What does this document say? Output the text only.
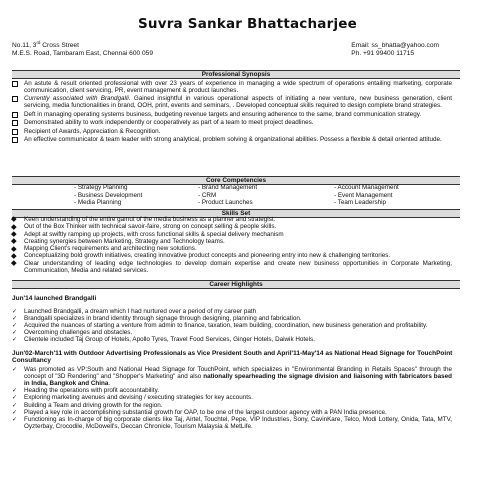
Suvra Sankar Bhattacharjee
No.11, 3rd Cross Street
M.E.S. Road, Tambaram East, Chennai 600 059
Email: ss_bhatta@yahoo.com
Ph. +91 99400 11715
Professional Synopsis
An astute & result oriented professional with over 23 years of experience in managing a wide spectrum of operations entailing marketing, corporate communication, client servicing, PR, event management & product launches.
Currently associated with Brandgalli. Gained insightful in various operational aspects of initiating a new venture, new business generation, client servicing, media functionalities in brand, OOH, print, events and seminars, . Developed conceptual skills required to design complete brand strategies.
Deft in managing operating systems business, budgeting revenue targets and ensuring adherence to the same, brand communication strategy.
Demonstrated ability to work independently or cooperatively as part of a team to meet project deadlines.
Recipient of Awards, Appreciation & Recognition.
An effective communicator & team leader with strong analytical, problem solving & organizational abilities. Possess a flexible & detail oriented attitude.
Core Competencies
- Strategy Planning
- Business Development
- Media Planning
- Brand Management
- CRM
- Product Launches
- Account Management
- Event Management
- Team Leadership
Skills Set
Keen understanding of the entire gamut of the media business as a planner and strategist.
Out of the Box Thinker with technical savoir-faire, strong on concept selling & people skills.
Adept at swiftly ramping up projects, with cross functional skills & special delivery mechanism
Creating synergies between Marketing, Strategy and Technology teams.
Mapping Client's requirements and architecting new solutions.
Conceptualizing bold growth initiatives, creating innovative product concepts and pioneering entry into new & challenging territories.
Clear understanding of leading edge technologies to develop domain expertise and create new business opportunities in Corporate Marketing, Communication, Media and related services.
Career Highlights
Jun'14 launched Brandgalli
✓ Launched Brandgalli, a dream which I had nurtured over a period of my career path
✓ Brandgalli specializes in brand identity through signage through designing, planning and fabrication.
✓ Acquired the nuances of starting a venture from admin to finance, taxation, team building, coordination, new business generation and profitability.
✓ Overcoming challenges and obstacles.
✓ Clientele included Taj Group of Hotels, Apollo Tyres, Travel Food Services, Ginger Hotels, Daiwik Hotels.
Jun'02-March'11 with Outdoor Advertising Professionals as Vice President South and April'11-May'14 as National Head Signage for TouchPoint Consultancy
✓ Was promoted as VP:South and National Head Signage for TouchPoint, which specializes in "Environmental Branding in Retails Spaces" through the concept of "3D Rendering" and "Shopper's Marketing" and also nationally spearheading the signage division and liaisoning with fabricators based in India, Bangkok and China.
✓ Heading the operations with profit accountability.
✓ Exploring marketing avenues and devising / executing strategies for key accounts.
✓ Building a Team and driving growth for the region.
✓ Played a key role in accomplishing substantial growth for OAP, to be one of the largest outdoor agency with a PAN India presence.
✓ Functioning as In-charge of big corporate clients like Taj, Airtel, Touchtel, Pepe, VIP Industries, Sony, CavinKare, Telco, Modi Lottery, Onida, Tata, MTV, Oyzterbay, Crocodile, McDowell's, Deccan Chronicle, Tourism Malaysia & MetLife.
